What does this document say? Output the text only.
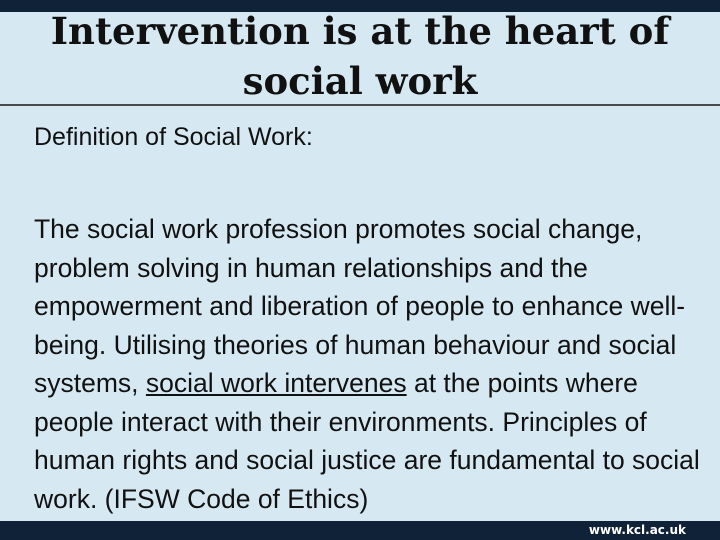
Intervention is at the heart of
social work
Definition of Social Work:

The social work profession promotes social change, problem solving in human relationships and the empowerment and liberation of people to enhance well-being. Utilising theories of human behaviour and social systems, social work intervenes at the points where people interact with their environments. Principles of human rights and social justice are fundamental to social work. (IFSW Code of Ethics)

www.kcl.ac.uk
